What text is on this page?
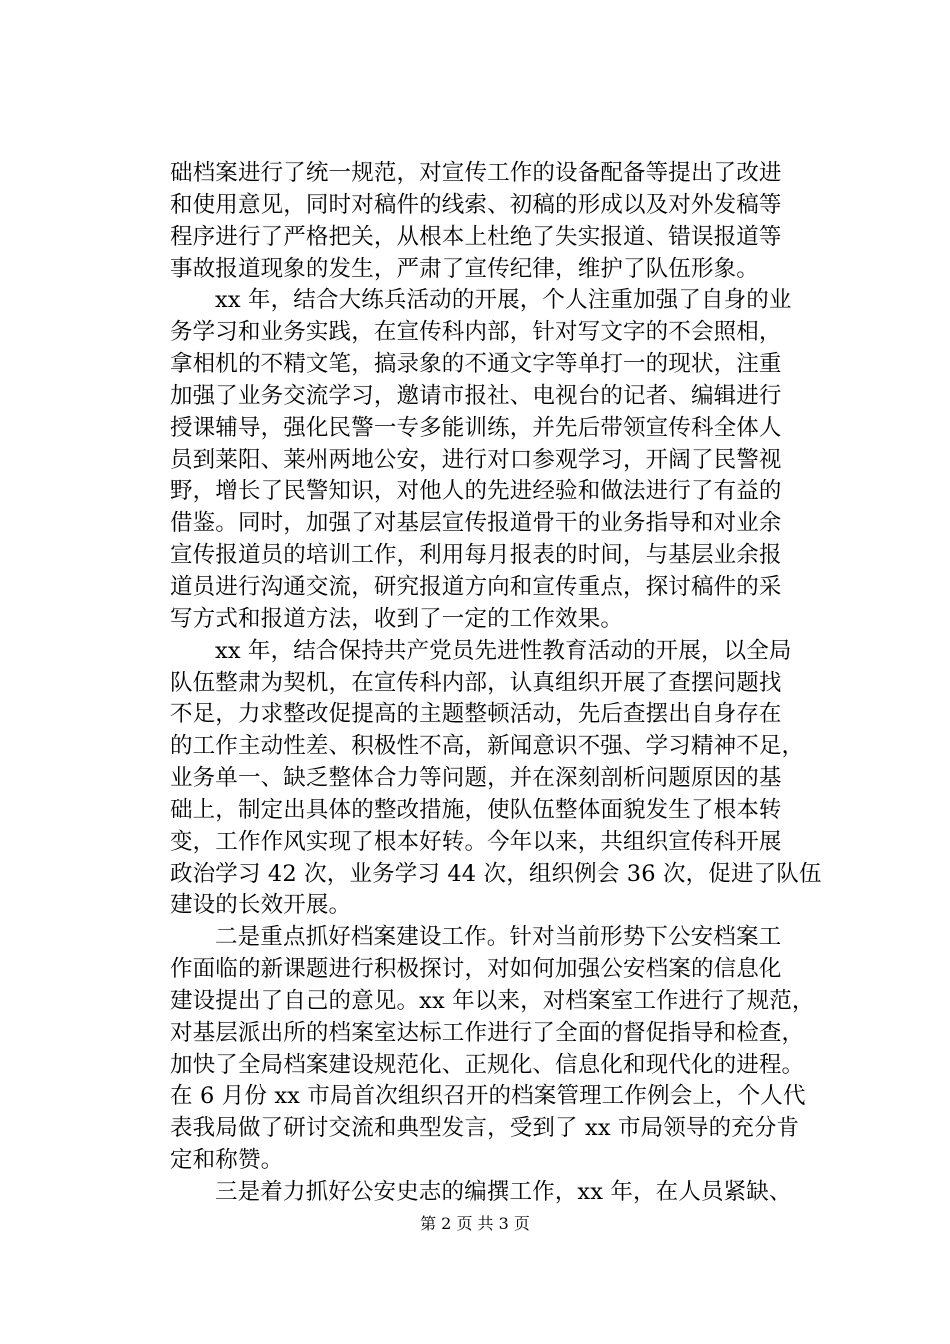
础档案进行了统一规范，对宣传工作的设备配备等提出了改进
和使用意见，同时对稿件的线索、初稿的形成以及对外发稿等
程序进行了严格把关，从根本上杜绝了失实报道、错误报道等
事故报道现象的发生，严肃了宣传纪律，维护了队伍形象。
xx 年，结合大练兵活动的开展，个人注重加强了自身的业
务学习和业务实践，在宣传科内部，针对写文字的不会照相，
拿相机的不精文笔，搞录象的不通文字等单打一的现状，注重
加强了业务交流学习，邀请市报社、电视台的记者、编辑进行
授课辅导，强化民警一专多能训练，并先后带领宣传科全体人
员到莱阳、莱州两地公安，进行对口参观学习，开阔了民警视
野，增长了民警知识，对他人的先进经验和做法进行了有益的
借鉴。同时，加强了对基层宣传报道骨干的业务指导和对业余
宣传报道员的培训工作，利用每月报表的时间，与基层业余报
道员进行沟通交流，研究报道方向和宣传重点，探讨稿件的采
写方式和报道方法，收到了一定的工作效果。
xx 年，结合保持共产党员先进性教育活动的开展，以全局
队伍整肃为契机，在宣传科内部，认真组织开展了查摆问题找
不足，力求整改促提高的主题整顿活动，先后查摆出自身存在
的工作主动性差、积极性不高，新闻意识不强、学习精神不足，
业务单一、缺乏整体合力等问题，并在深刻剖析问题原因的基
础上，制定出具体的整改措施，使队伍整体面貌发生了根本转
变，工作作风实现了根本好转。今年以来，共组织宣传科开展
政治学习 42 次，业务学习 44 次，组织例会 36 次，促进了队伍
建设的长效开展。
二是重点抓好档案建设工作。针对当前形势下公安档案工
作面临的新课题进行积极探讨，对如何加强公安档案的信息化
建设提出了自己的意见。xx 年以来，对档案室工作进行了规范，
对基层派出所的档案室达标工作进行了全面的督促指导和检查，
加快了全局档案建设规范化、正规化、信息化和现代化的进程。
在 6 月份 xx 市局首次组织召开的档案管理工作例会上，个人代
表我局做了研讨交流和典型发言，受到了 xx 市局领导的充分肯
定和称赞。
三是着力抓好公安史志的编撰工作，xx 年，在人员紧缺、
第 2 页 共 3 页
